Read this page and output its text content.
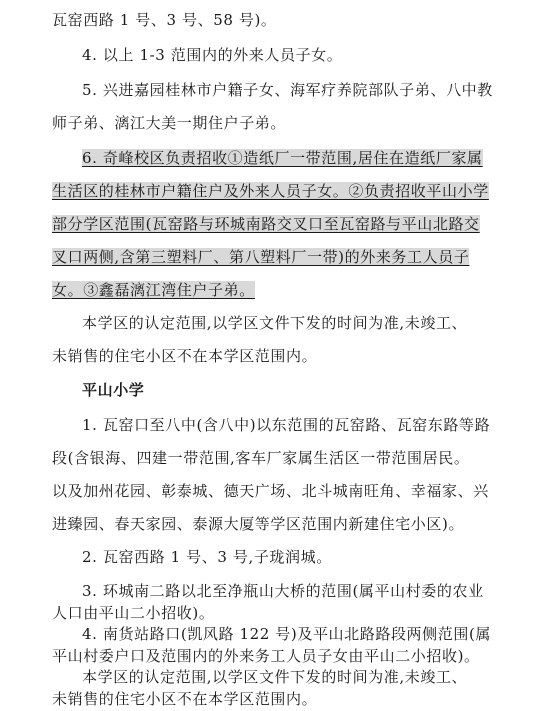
瓦窑西路 1 号、3 号、58 号)。
4. 以上 1-3 范围内的外来人员子女。
5. 兴进嘉园桂林市户籍子女、海军疗养院部队子弟、八中教
师子弟、漓江大美一期住户子弟。
6. 奇峰校区负责招收①造纸厂一带范围,居住在造纸厂家属
生活区的桂林市户籍住户及外来人员子女。②负责招收平山小学
部分学区范围(瓦窑路与环城南路交叉口至瓦窑路与平山北路交
叉口两侧,含第三塑料厂、第八塑料厂一带)的外来务工人员子
女。③鑫磊漓江湾住户子弟。
本学区的认定范围,以学区文件下发的时间为准,未竣工、
未销售的住宅小区不在本学区范围内。
平山小学
1. 瓦窑口至八中(含八中)以东范围的瓦窑路、瓦窑东路等路
段(含银海、四建一带范围,客车厂家属生活区一带范围居民。
以及加州花园、彰泰城、德天广场、北斗城南旺角、幸福家、兴
进臻园、春天家园、泰源大厦等学区范围内新建住宅小区)。
2. 瓦窑西路 1 号、3 号,子珑润城。
3. 环城南二路以北至净瓶山大桥的范围(属平山村委的农业
人口由平山二小招收)。
4. 南货站路口(凯风路 122 号)及平山北路路段两侧范围(属
平山村委户口及范围内的外来务工人员子女由平山二小招收)。
本学区的认定范围,以学区文件下发的时间为准,未竣工、
未销售的住宅小区不在本学区范围内。
